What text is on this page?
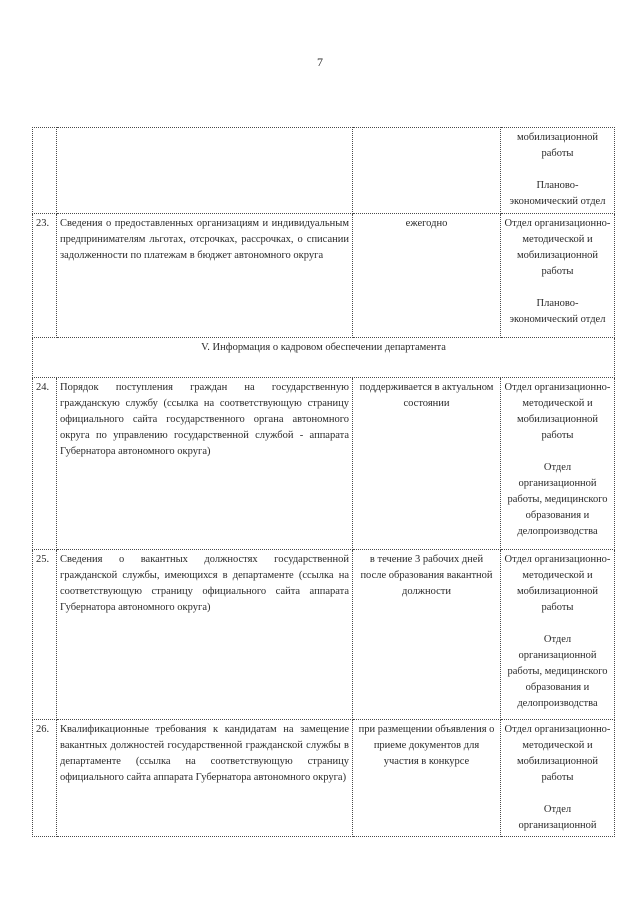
7

			мобилизационной работы
Планово-экономический отдел

23.	Сведения о предоставленных организациям и индивидуальным предпринимателям льготах, отсрочках, рассрочках, о списании задолженности по платежам в бюджет автономного округа	ежегодно	Отдел организационно-методической и мобилизационной работы
Планово-экономический отдел

V. Информация о кадровом обеспечении департамента			
24.	Порядок поступления граждан на государственную гражданскую службу (ссылка на соответствующую страницу официального сайта государственного органа автономного округа по управлению государственной службой - аппарата Губернатора автономного округа)	поддерживается в актуальном состоянии	Отдел организационно-методической и мобилизационной работы
Отдел организационной работы, медицинского образования и делопроизводства

25.	Сведения о вакантных должностях государственной гражданской службы, имеющихся в департаменте (ссылка на соответствующую страницу официального сайта аппарата Губернатора автономного округа)	в течение 3 рабочих дней после образования вакантной должности	Отдел организационно-методической и мобилизационной работы
Отдел организационной работы, медицинского образования и делопроизводства

26.	Квалификационные требования к кандидатам на замещение вакантных должностей государственной гражданской службы в департаменте (ссылка на соответствующую страницу официального сайта аппарата Губернатора автономного округа)	при размещении объявления о приеме документов для участия в конкурсе	Отдел организационно-методической и мобилизационной работы
Отдел организационной
